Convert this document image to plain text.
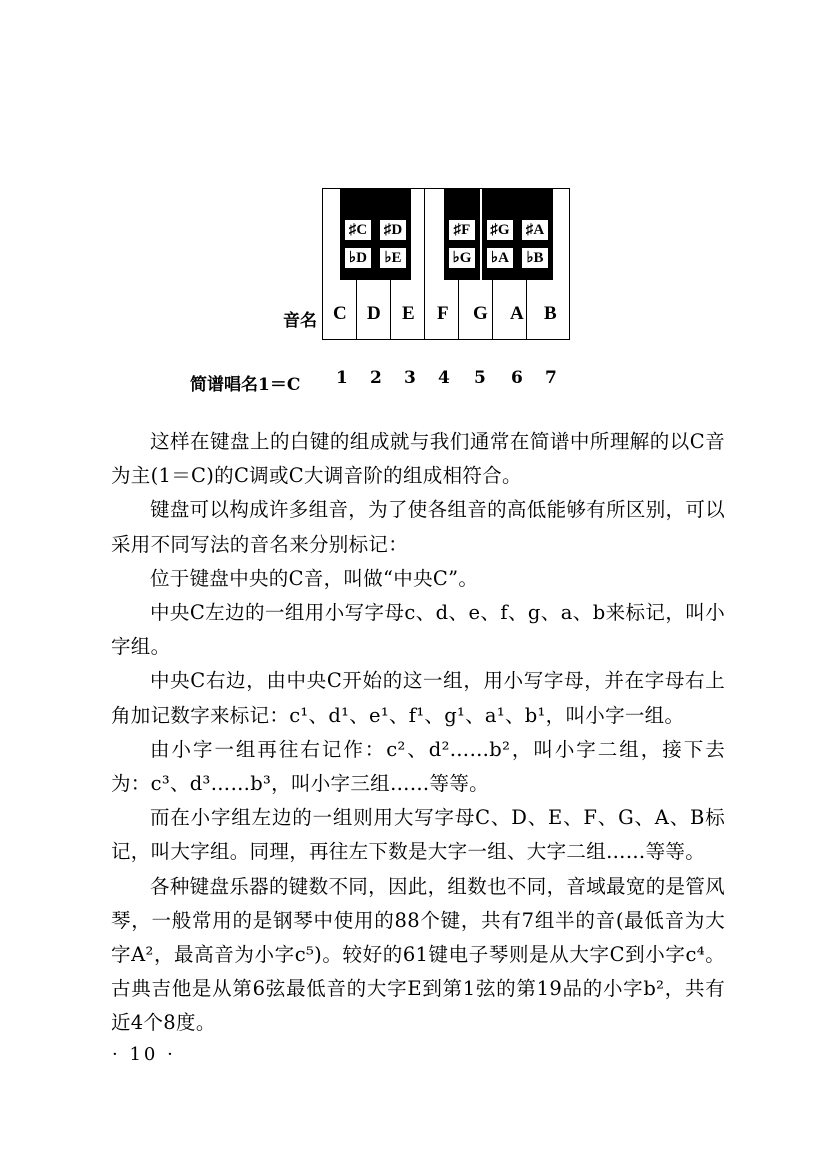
♯C
♭D
♯D
♭E
♯F
♭G
♯G
♭A
♯A
♭B
音名 C D E F G A B
简谱唱名1＝C 1 2 3 4 5 6 7

这样在键盘上的白键的组成就与我们通常在简谱中所理解的以C音为主(1＝C)的C调或C大调音阶的组成相符合。

键盘可以构成许多组音，为了使各组音的高低能够有所区别，可以采用不同写法的音名来分别标记：

位于键盘中央的C音，叫做“中央C”。

中央C左边的一组用小写字母c、d、e、f、g、a、b来标记，叫小字组。

中央C右边，由中央C开始的这一组，用小写字母，并在字母右上角加记数字来标记：c¹、d¹、e¹、f¹、g¹、a¹、b¹，叫小字一组。

由小字一组再往右记作：c²、d²……b²，叫小字二组，接下去为：c³、d³……b³，叫小字三组……等等。

而在小字组左边的一组则用大写字母C、D、E、F、G、A、B标记，叫大字组。同理，再往左下数是大字一组、大字二组……等等。

各种键盘乐器的键数不同，因此，组数也不同，音域最宽的是管风琴，一般常用的是钢琴中使用的88个键，共有7组半的音(最低音为大字A²，最高音为小字c⁵)。较好的61键电子琴则是从大字C到小字c⁴。古典吉他是从第6弦最低音的大字E到第1弦的第19品的小字b²，共有近4个8度。

· 10 ·
